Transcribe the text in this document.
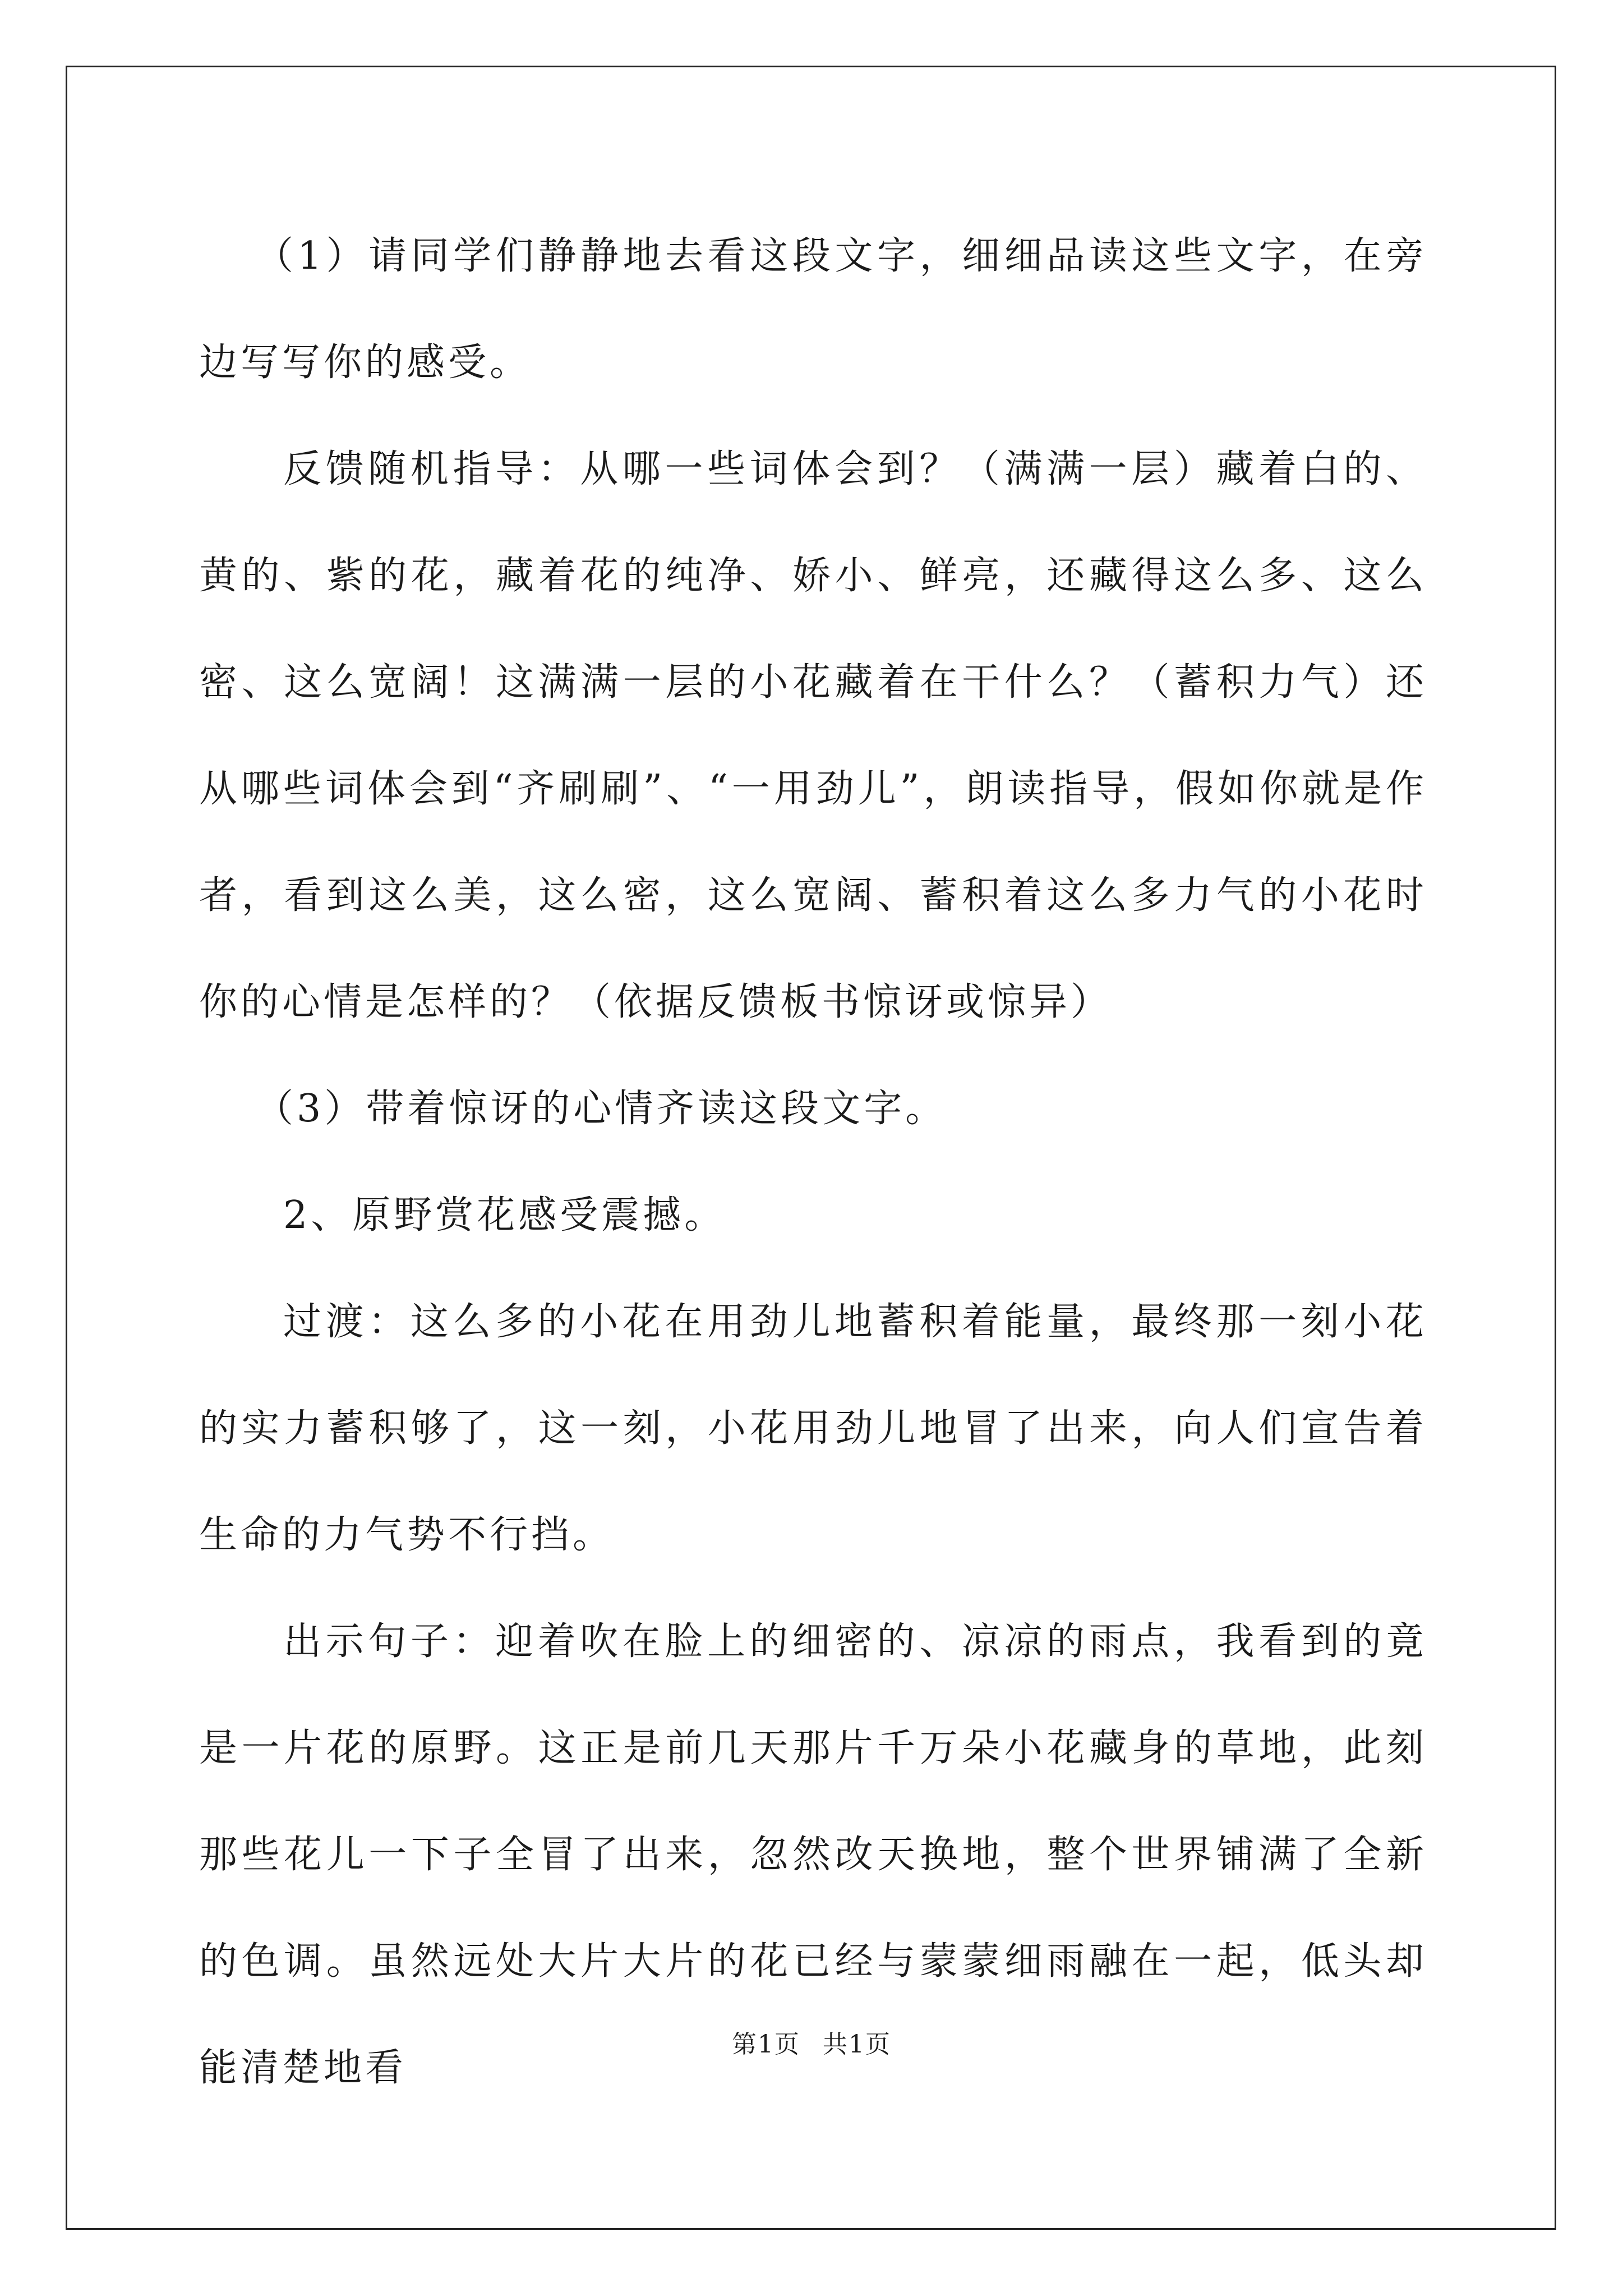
（1）请同学们静静地去看这段文字，细细品读这些文字，在旁边写写你的感受。

反馈随机指导：从哪一些词体会到？（满满一层）藏着白的、黄的、紫的花，藏着花的纯净、娇小、鲜亮，还藏得这么多、这么密、这么宽阔！这满满一层的小花藏着在干什么？（蓄积力气）还从哪些词体会到“齐刷刷”、“一用劲儿”，朗读指导，假如你就是作者，看到这么美，这么密，这么宽阔、蓄积着这么多力气的小花时你的心情是怎样的？（依据反馈板书惊讶或惊异）

（3）带着惊讶的心情齐读这段文字。

2、原野赏花感受震撼。

过渡：这么多的小花在用劲儿地蓄积着能量，最终那一刻小花的实力蓄积够了，这一刻，小花用劲儿地冒了出来，向人们宣告着生命的力气势不行挡。

出示句子：迎着吹在脸上的细密的、凉凉的雨点，我看到的竟是一片花的原野。这正是前几天那片千万朵小花藏身的草地，此刻那些花儿一下子全冒了出来，忽然改天换地，整个世界铺满了全新的色调。虽然远处大片大片的花已经与蒙蒙细雨融在一起，低头却能清楚地看

第1页 共1页
